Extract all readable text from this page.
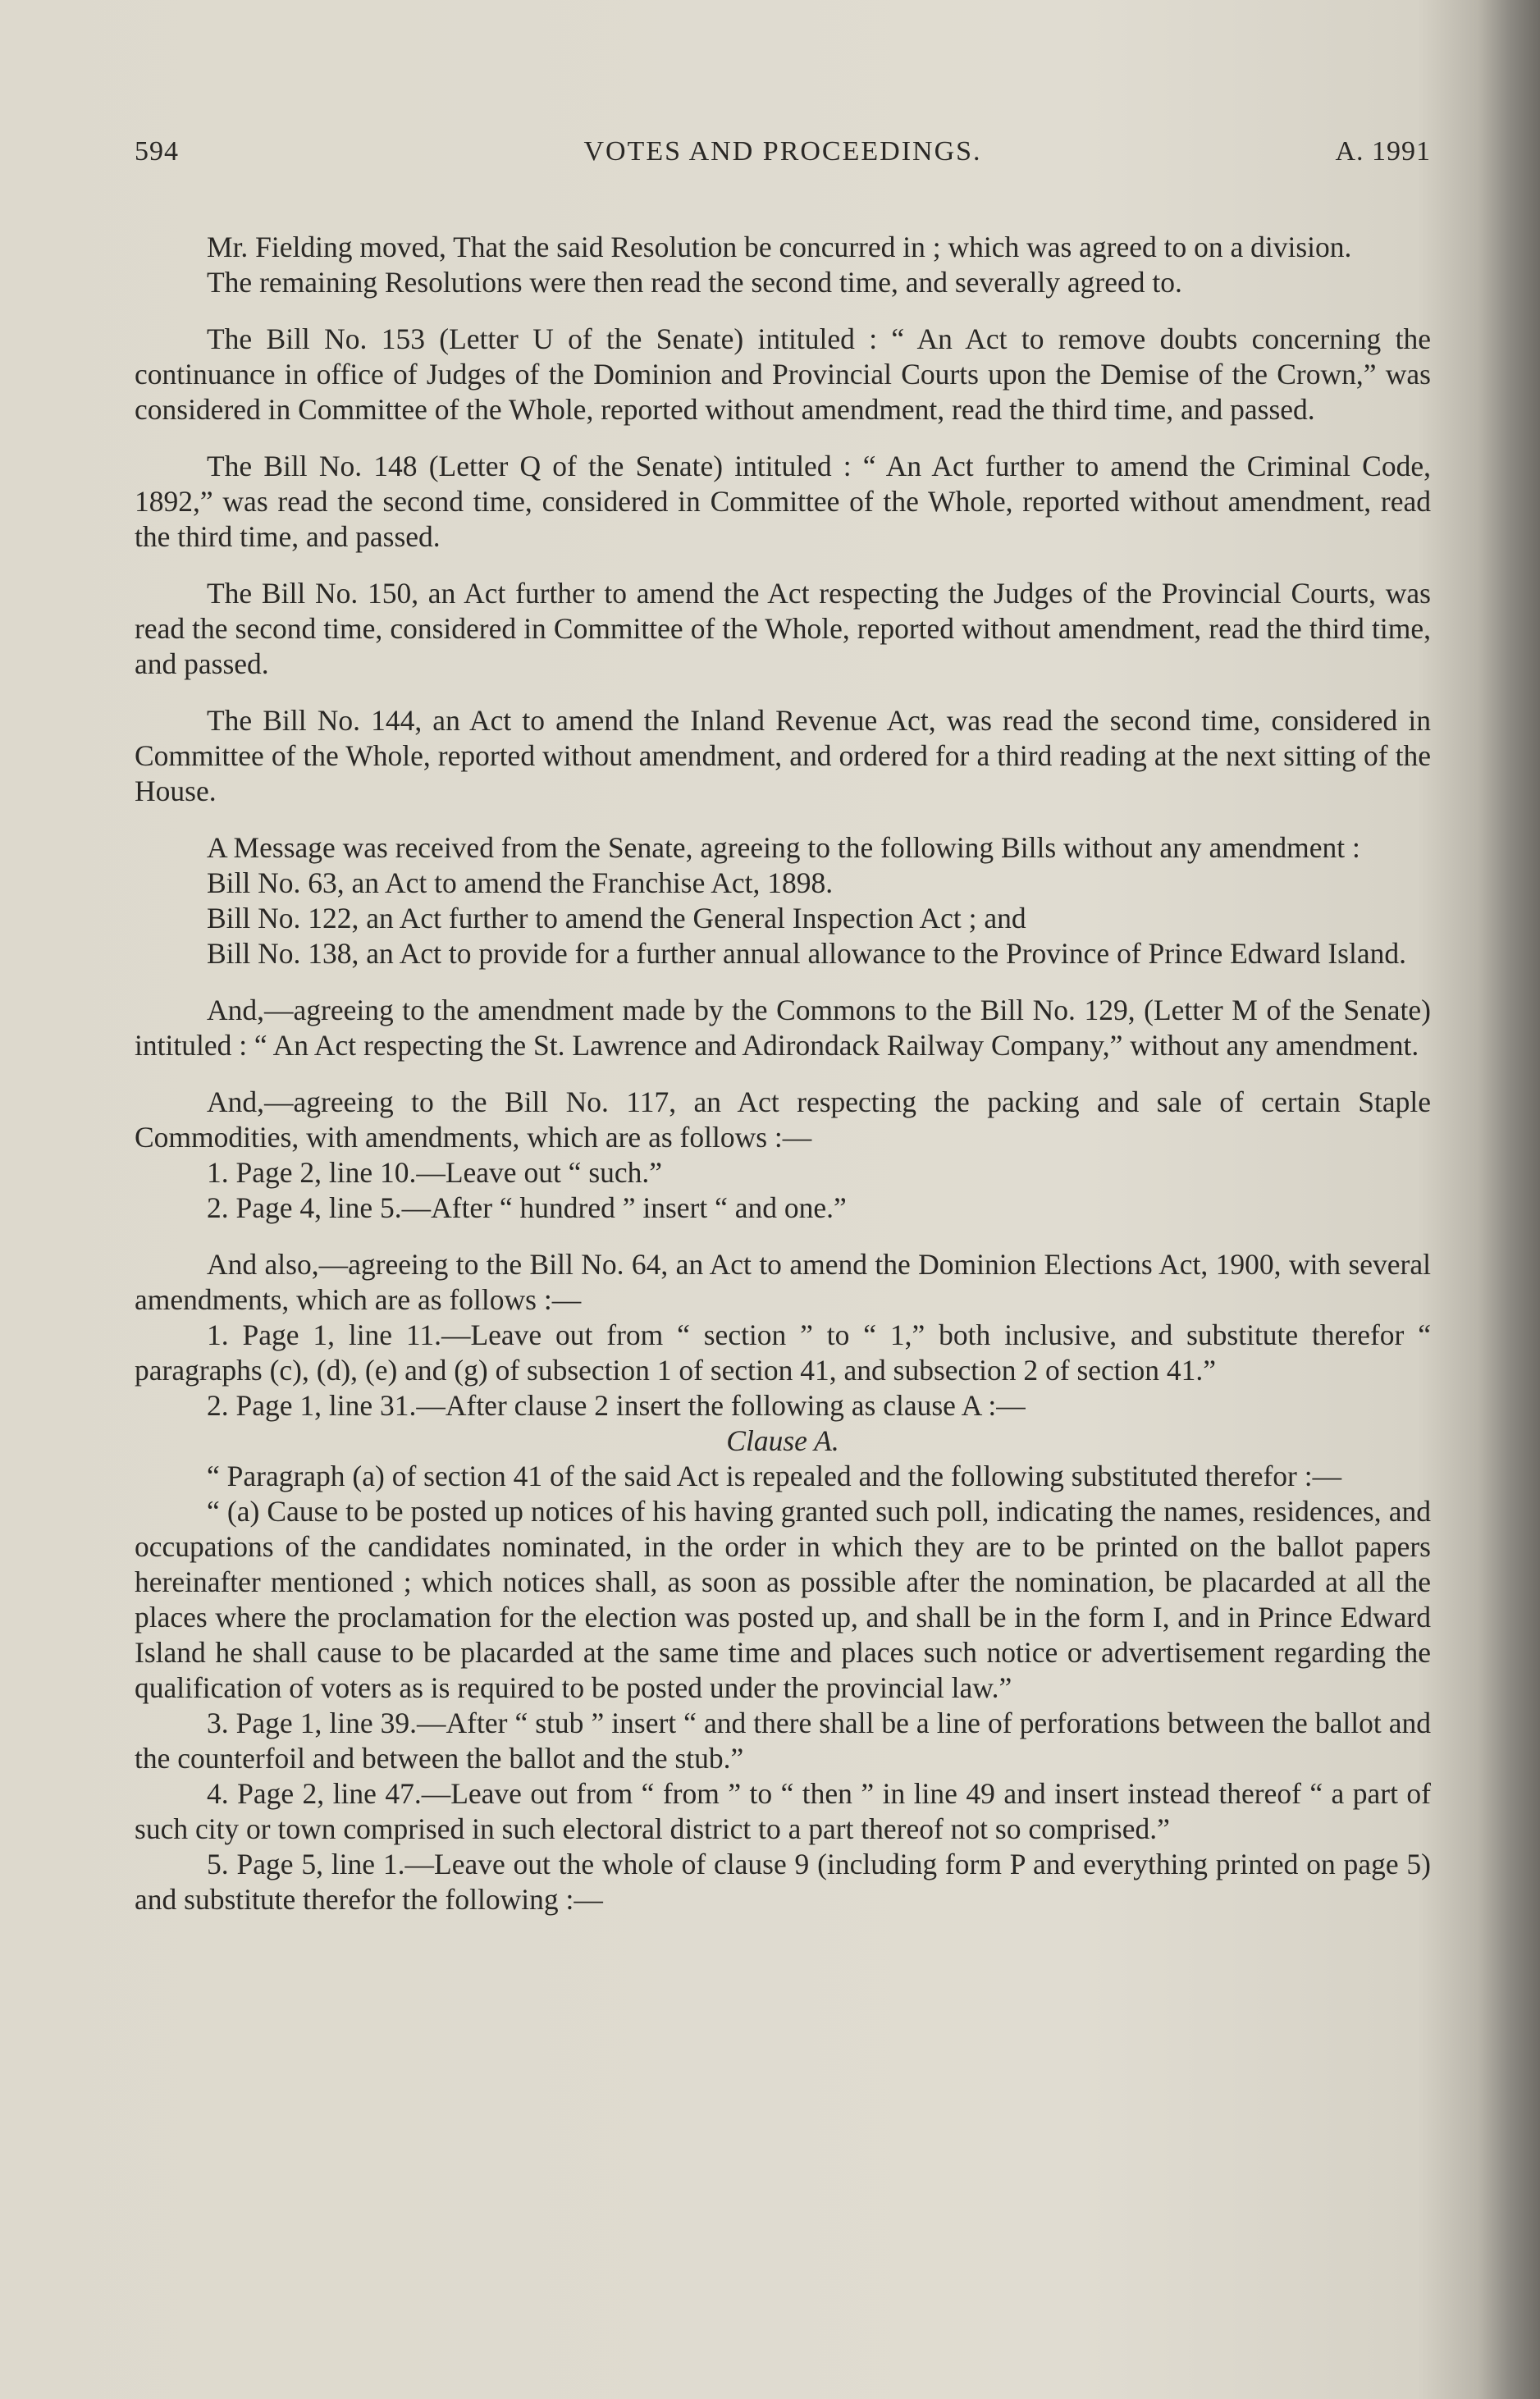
594	VOTES AND PROCEEDINGS.	A. 1991

Mr. Fielding moved, That the said Resolution be concurred in ; which was agreed to on a division.

The remaining Resolutions were then read the second time, and severally agreed to.

The Bill No. 153 (Letter U of the Senate) intituled : “ An Act to remove doubts concerning the continuance in office of Judges of the Dominion and Provincial Courts upon the Demise of the Crown,” was considered in Committee of the Whole, reported without amendment, read the third time, and passed.

The Bill No. 148 (Letter Q of the Senate) intituled : “ An Act further to amend the Criminal Code, 1892,” was read the second time, considered in Committee of the Whole, reported without amendment, read the third time, and passed.

The Bill No. 150, an Act further to amend the Act respecting the Judges of the Provincial Courts, was read the second time, considered in Committee of the Whole, reported without amendment, read the third time, and passed.

The Bill No. 144, an Act to amend the Inland Revenue Act, was read the second time, considered in Committee of the Whole, reported without amendment, and ordered for a third reading at the next sitting of the House.

A Message was received from the Senate, agreeing to the following Bills without any amendment :

Bill No. 63, an Act to amend the Franchise Act, 1898.

Bill No. 122, an Act further to amend the General Inspection Act ; and

Bill No. 138, an Act to provide for a further annual allowance to the Province of Prince Edward Island.

And,—agreeing to the amendment made by the Commons to the Bill No. 129, (Letter M of the Senate) intituled : “ An Act respecting the St. Lawrence and Adirondack Railway Company,” without any amendment.

And,—agreeing to the Bill No. 117, an Act respecting the packing and sale of certain Staple Commodities, with amendments, which are as follows :—

1. Page 2, line 10.—Leave out “ such.”

2. Page 4, line 5.—After “ hundred ” insert “ and one.”

And also,—agreeing to the Bill No. 64, an Act to amend the Dominion Elections Act, 1900, with several amendments, which are as follows :—

1. Page 1, line 11.—Leave out from “ section ” to “ 1,” both inclusive, and substitute therefor “ paragraphs (c), (d), (e) and (g) of subsection 1 of section 41, and subsection 2 of section 41.”

2. Page 1, line 31.—After clause 2 insert the following as clause A :—

Clause A.

“ Paragraph (a) of section 41 of the said Act is repealed and the following substituted therefor :—

“ (a) Cause to be posted up notices of his having granted such poll, indicating the names, residences, and occupations of the candidates nominated, in the order in which they are to be printed on the ballot papers hereinafter mentioned ; which notices shall, as soon as possible after the nomination, be placarded at all the places where the proclamation for the election was posted up, and shall be in the form I, and in Prince Edward Island he shall cause to be placarded at the same time and places such notice or advertisement regarding the qualification of voters as is required to be posted under the provincial law.”

3. Page 1, line 39.—After “ stub ” insert “ and there shall be a line of perforations between the ballot and the counterfoil and between the ballot and the stub.”

4. Page 2, line 47.—Leave out from “ from ” to “ then ” in line 49 and insert instead thereof “ a part of such city or town comprised in such electoral district to a part thereof not so comprised.”

5. Page 5, line 1.—Leave out the whole of clause 9 (including form P and everything printed on page 5) and substitute therefor the following :—
